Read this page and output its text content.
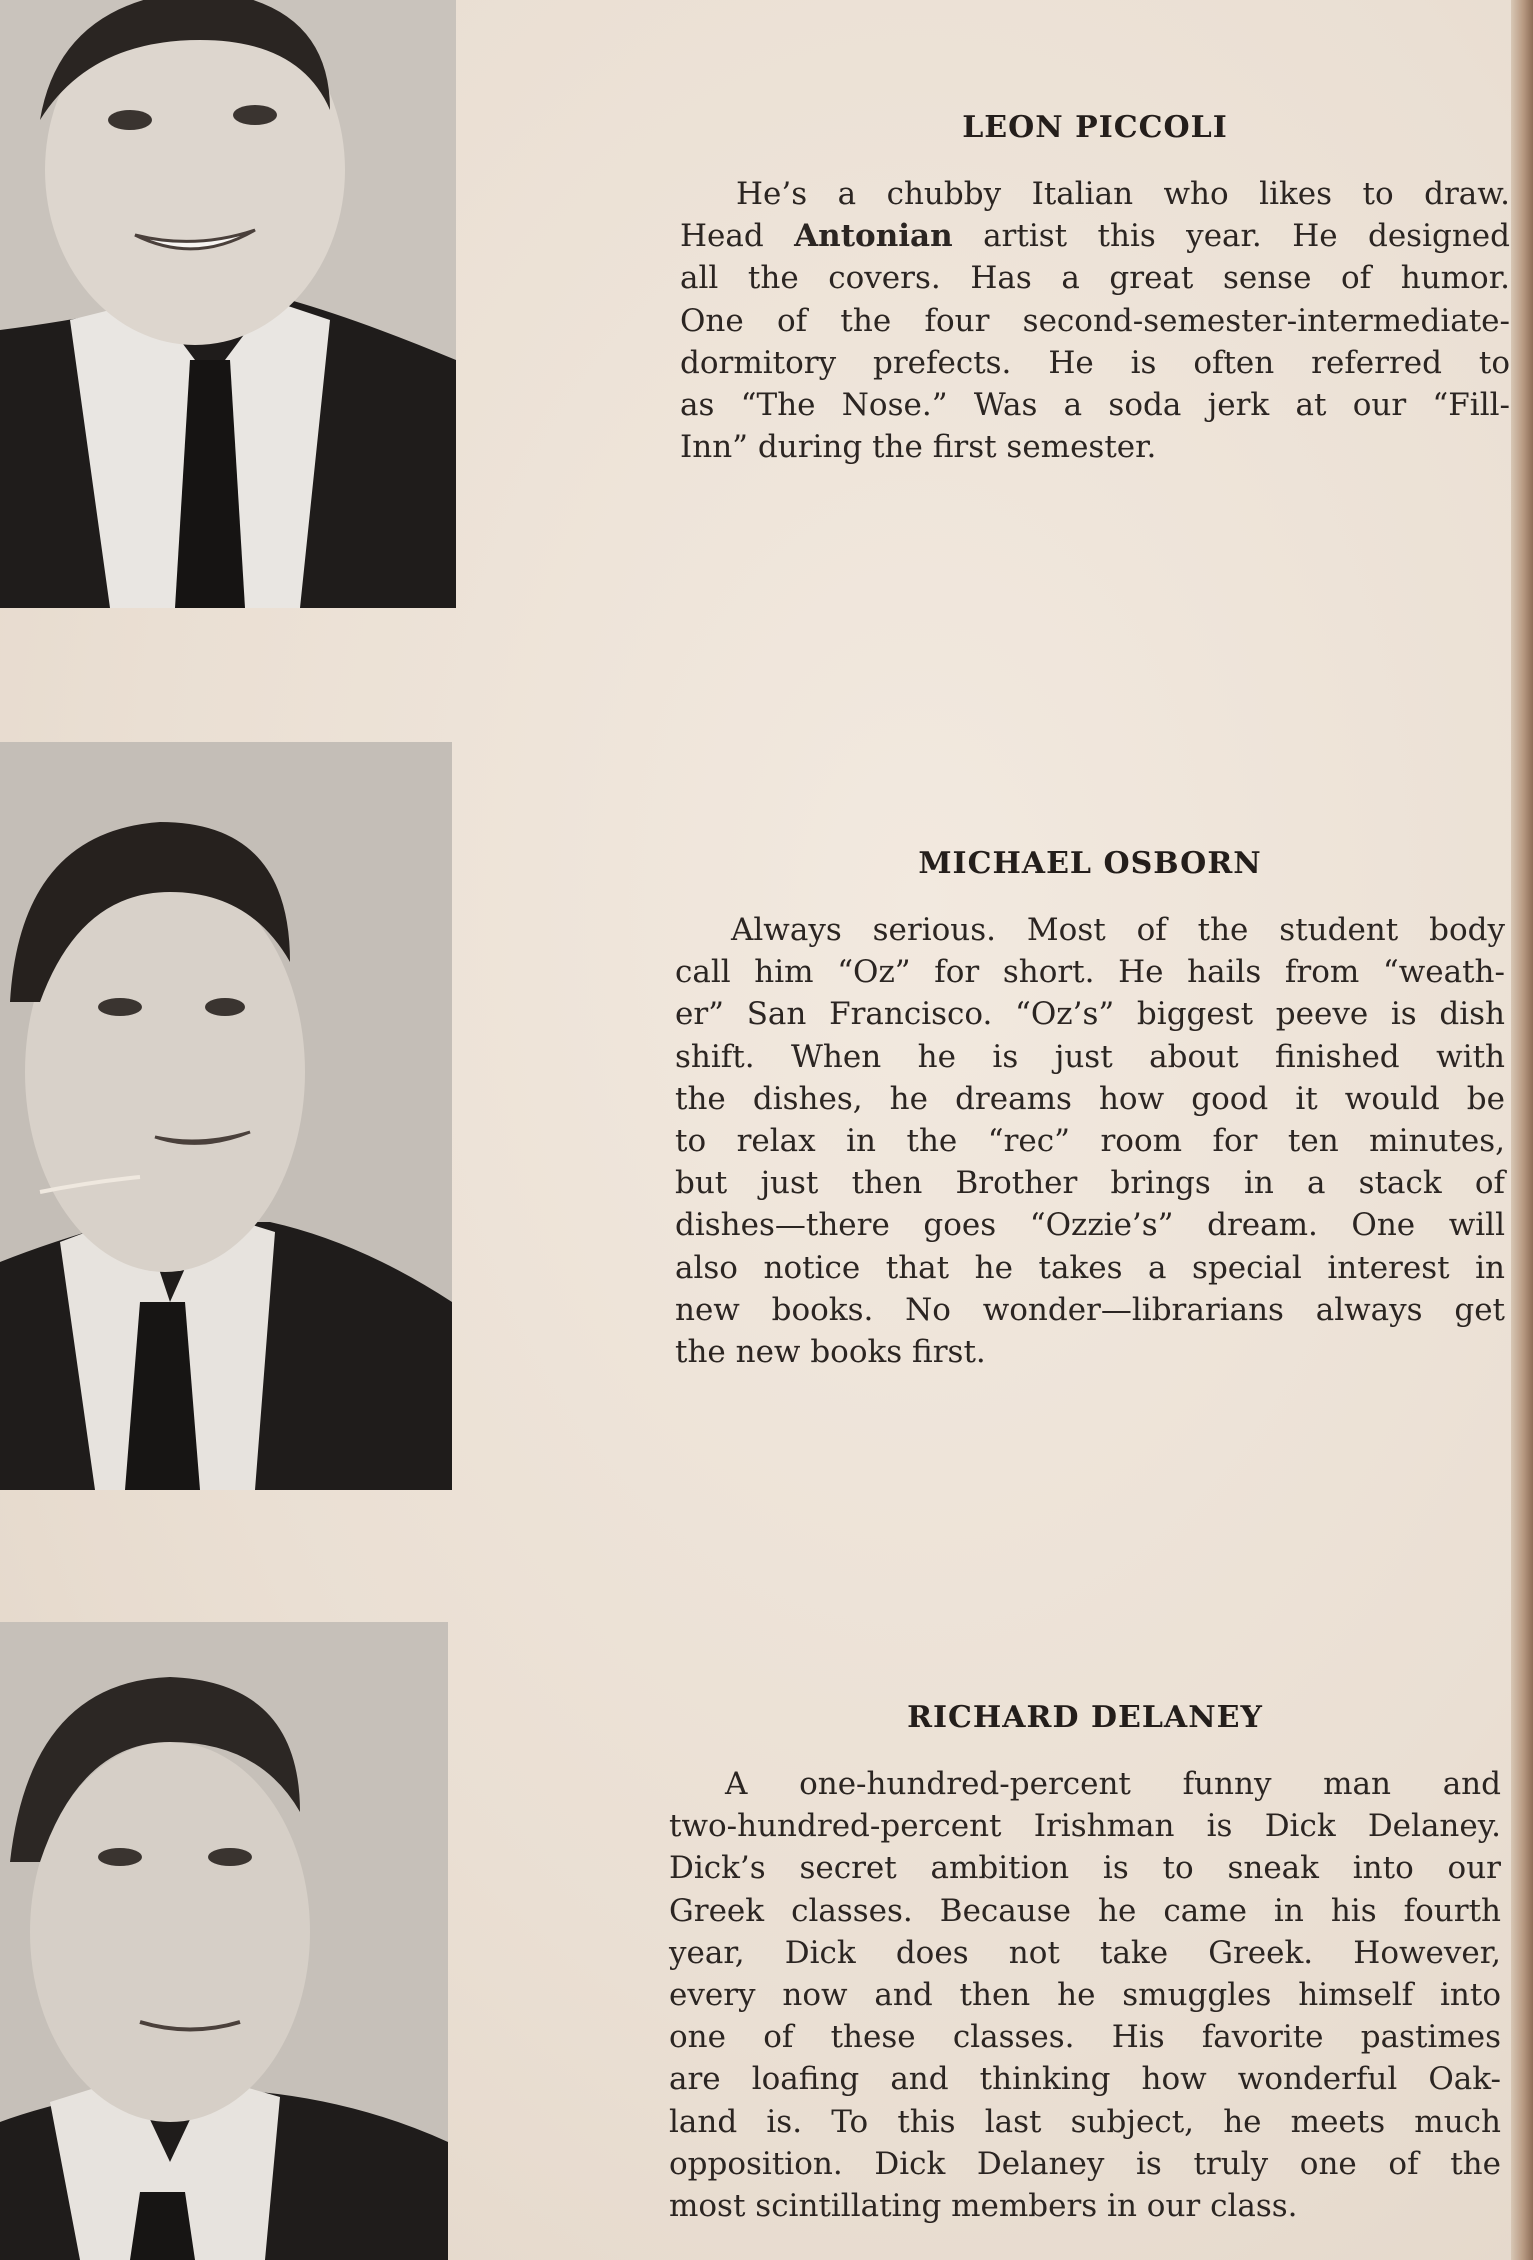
LEON PICCOLI

He’s a chubby Italian who likes to draw.
Head Antonian artist this year. He designed
all the covers. Has a great sense of humor.
One of the four second-semester-intermediate-
dormitory prefects. He is often referred to
as “The Nose.” Was a soda jerk at our “Fill-
Inn” during the first semester.

MICHAEL OSBORN

Always serious. Most of the student body
call him “Oz” for short. He hails from “weath-
er” San Francisco. “Oz’s” biggest peeve is dish
shift. When he is just about finished with
the dishes, he dreams how good it would be
to relax in the “rec” room for ten minutes,
but just then Brother brings in a stack of
dishes—there goes “Ozzie’s” dream. One will
also notice that he takes a special interest in
new books. No wonder—librarians always get
the new books first.

RICHARD DELANEY

A one-hundred-percent funny man and
two-hundred-percent Irishman is Dick Delaney.
Dick’s secret ambition is to sneak into our
Greek classes. Because he came in his fourth
year, Dick does not take Greek. However,
every now and then he smuggles himself into
one of these classes. His favorite pastimes
are loafing and thinking how wonderful Oak-
land is. To this last subject, he meets much
opposition. Dick Delaney is truly one of the
most scintillating members in our class.
